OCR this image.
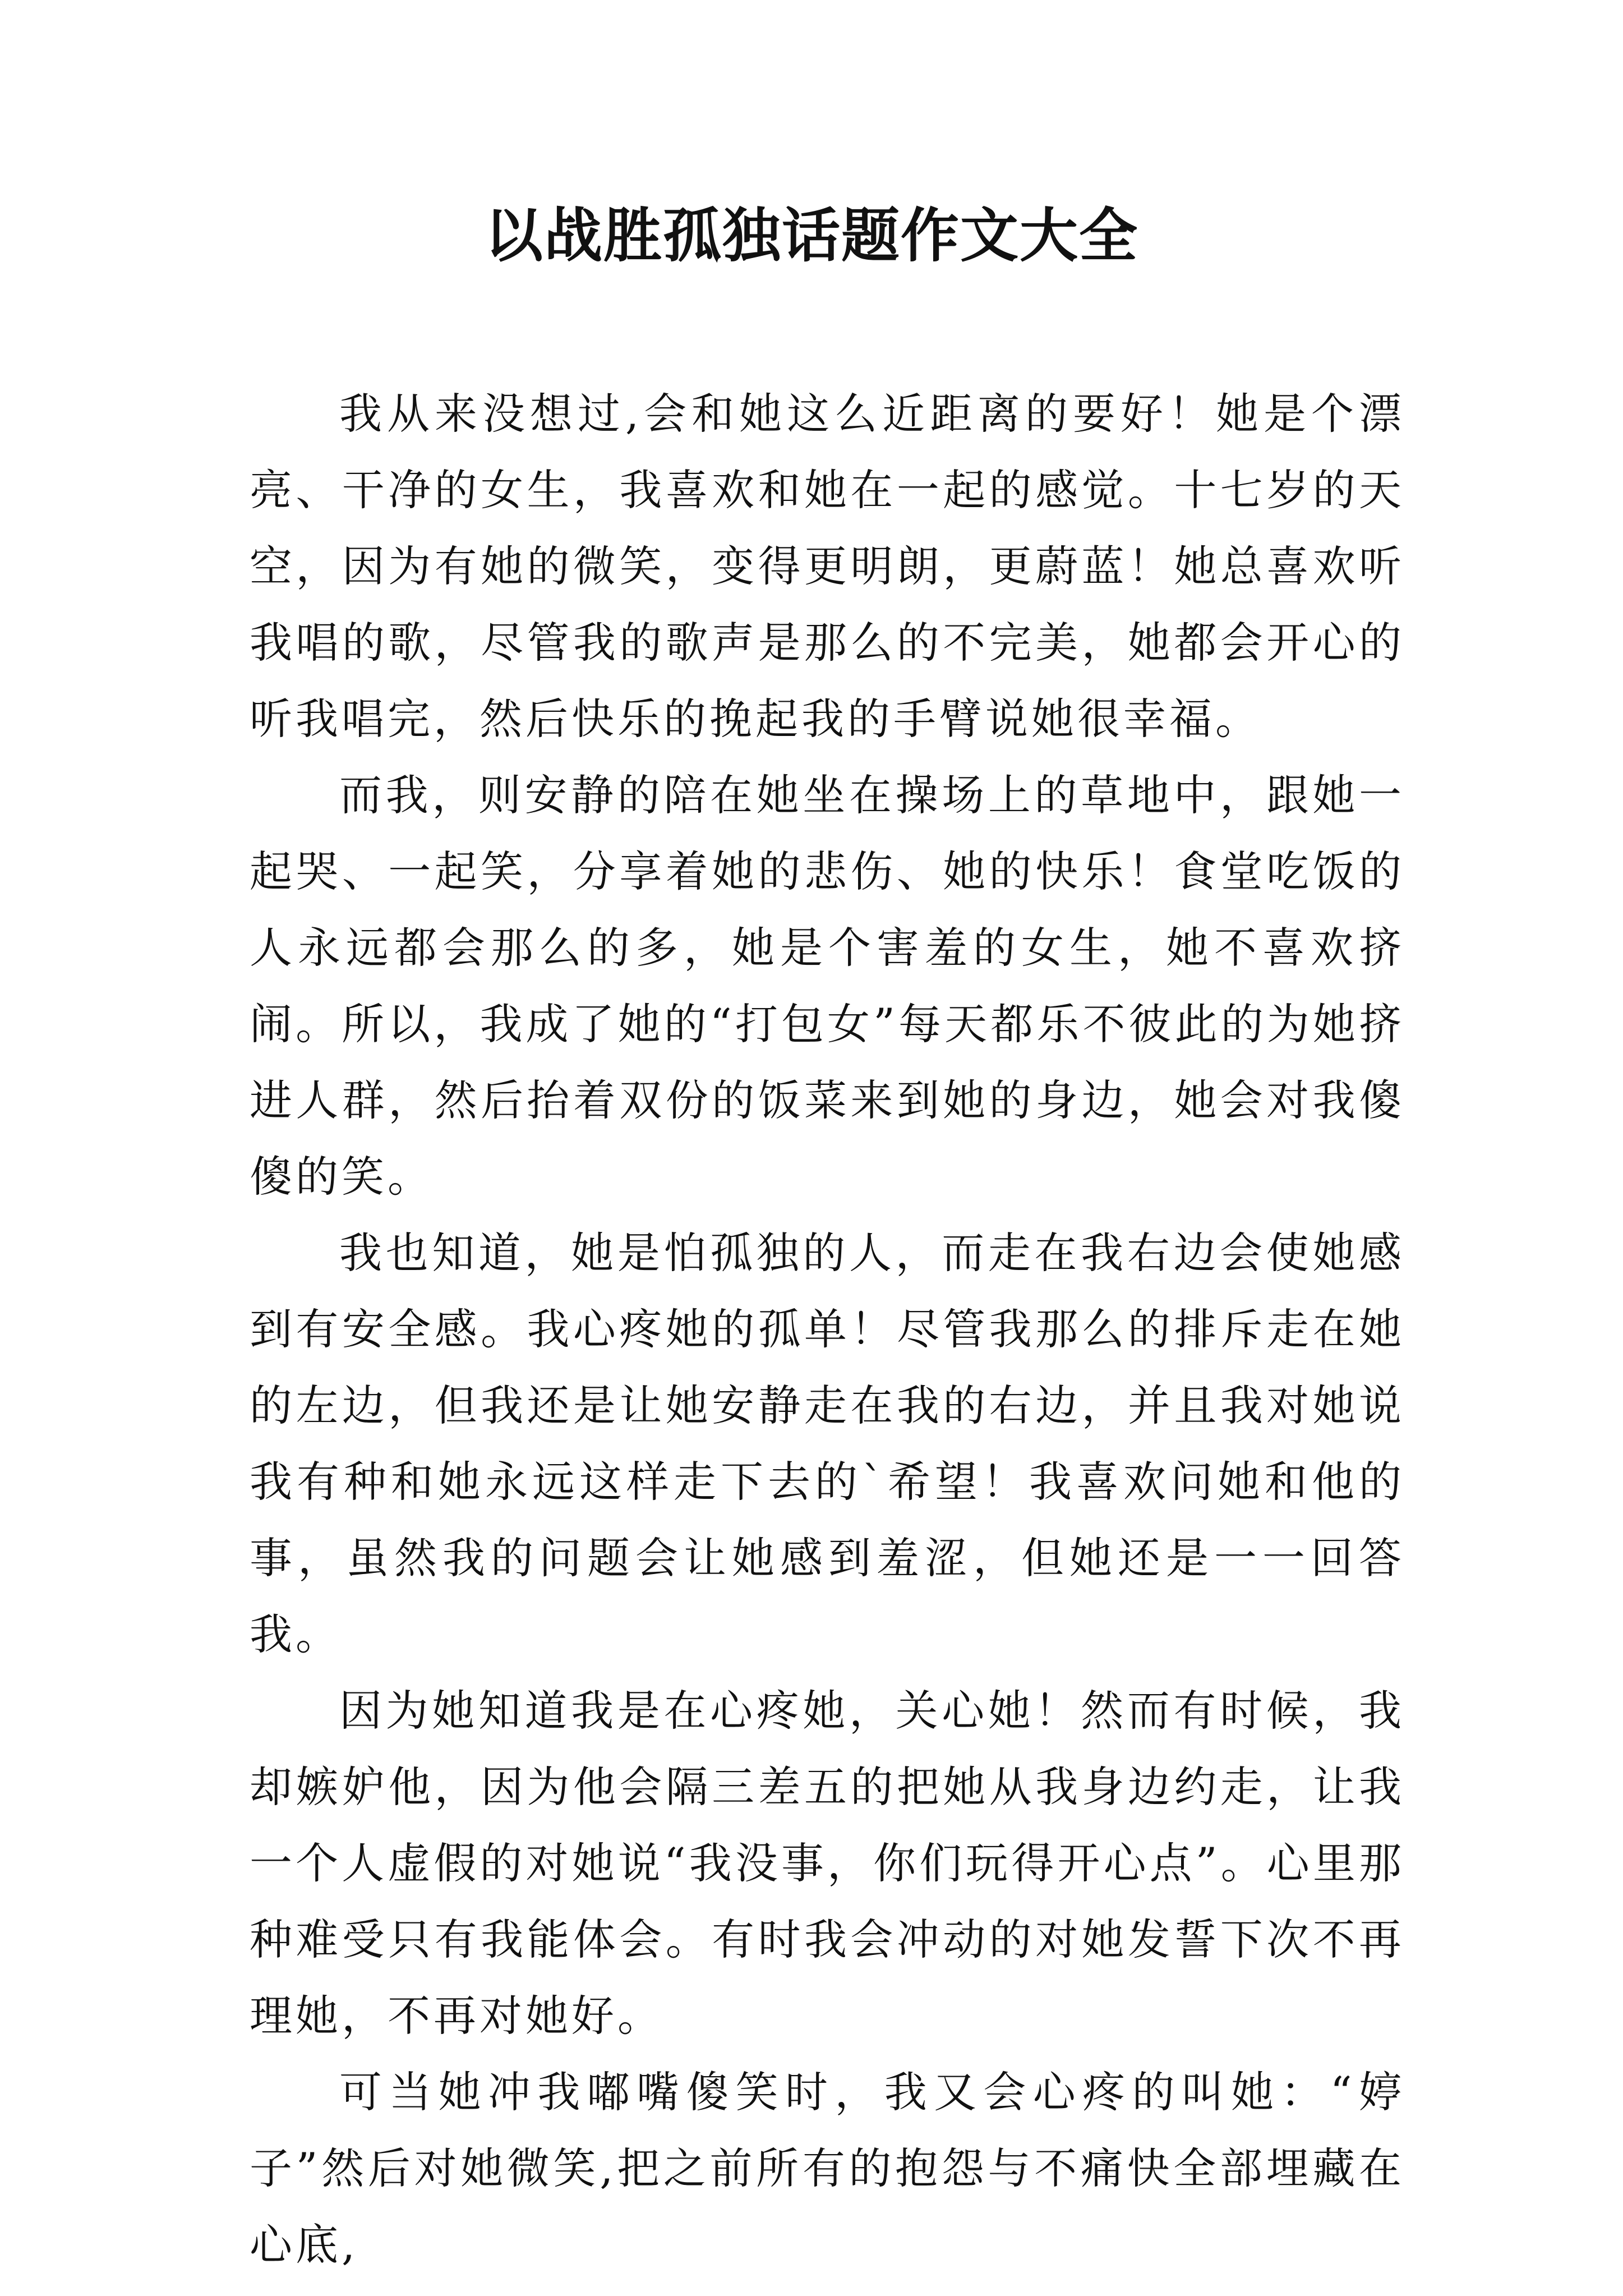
以战胜孤独话题作文大全

我从来没想过,会和她这么近距离的要好！她是个漂亮、干净的女生，我喜欢和她在一起的感觉。十七岁的天空，因为有她的微笑，变得更明朗，更蔚蓝！她总喜欢听我唱的歌，尽管我的歌声是那么的不完美，她都会开心的听我唱完，然后快乐的挽起我的手臂说她很幸福。

而我，则安静的陪在她坐在操场上的草地中，跟她一起哭、一起笑，分享着她的悲伤、她的快乐！食堂吃饭的人永远都会那么的多，她是个害羞的女生，她不喜欢挤闹。所以，我成了她的“打包女”每天都乐不彼此的为她挤进人群，然后抬着双份的饭菜来到她的身边，她会对我傻傻的笑。

我也知道，她是怕孤独的人，而走在我右边会使她感到有安全感。我心疼她的孤单！尽管我那么的排斥走在她的左边，但我还是让她安静走在我的右边，并且我对她说我有种和她永远这样走下去的`希望！我喜欢问她和他的事，虽然我的问题会让她感到羞涩，但她还是一一回答我。

因为她知道我是在心疼她，关心她！然而有时候，我却嫉妒他，因为他会隔三差五的把她从我身边约走，让我一个人虚假的对她说“我没事，你们玩得开心点”。心里那种难受只有我能体会。有时我会冲动的对她发誓下次不再理她，不再对她好。

可当她冲我嘟嘴傻笑时，我又会心疼的叫她：“婷子”然后对她微笑,把之前所有的抱怨与不痛快全部埋藏在心底,
